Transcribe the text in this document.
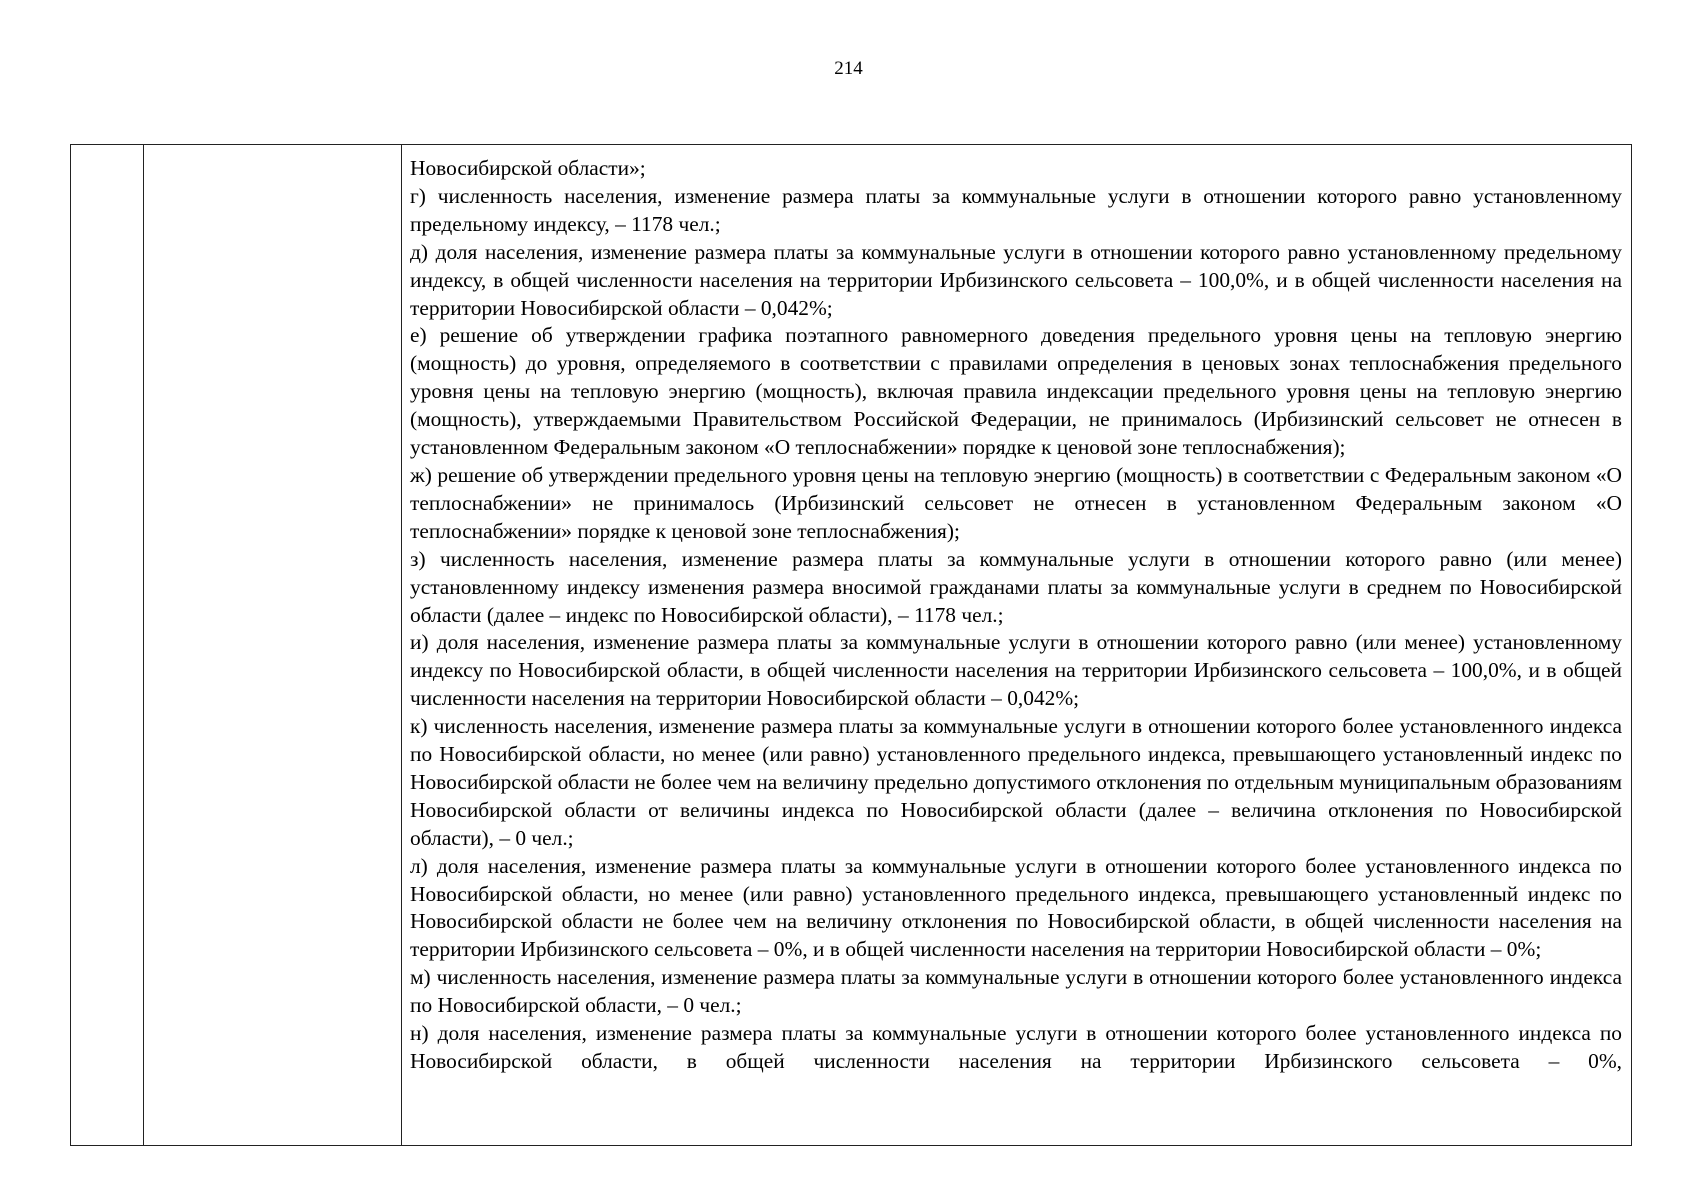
214

Новосибирской области»;

г) численность населения, изменение размера платы за коммунальные услуги в отношении которого равно установленному предельному индексу, – 1178 чел.;

д) доля населения, изменение размера платы за коммунальные услуги в отношении которого равно установленному предельному индексу, в общей численности населения на территории Ирбизинского сельсовета – 100,0%, и в общей численности населения на территории Новосибирской области – 0,042%;

е) решение об утверждении графика поэтапного равномерного доведения предельного уровня цены на тепловую энергию (мощность) до уровня, определяемого в соответствии с правилами определения в ценовых зонах теплоснабжения предельного уровня цены на тепловую энергию (мощность), включая правила индексации предельного уровня цены на тепловую энергию (мощность), утверждаемыми Правительством Российской Федерации, не принималось (Ирбизинский сельсовет не отнесен в установленном Федеральным законом «О теплоснабжении» порядке к ценовой зоне теплоснабжения);

ж) решение об утверждении предельного уровня цены на тепловую энергию (мощность) в соответствии с Федеральным законом «О теплоснабжении» не принималось (Ирбизинский сельсовет не отнесен в установленном Федеральным законом «О теплоснабжении» порядке к ценовой зоне теплоснабжения);

з) численность населения, изменение размера платы за коммунальные услуги в отношении которого равно (или менее) установленному индексу изменения размера вносимой гражданами платы за коммунальные услуги в среднем по Новосибирской области (далее – индекс по Новосибирской области), – 1178 чел.;

и) доля населения, изменение размера платы за коммунальные услуги в отношении которого равно (или менее) установленному индексу по Новосибирской области, в общей численности населения на территории Ирбизинского сельсовета – 100,0%, и в общей численности населения на территории Новосибирской области – 0,042%;

к) численность населения, изменение размера платы за коммунальные услуги в отношении которого более установленного индекса по Новосибирской области, но менее (или равно) установленного предельного индекса, превышающего установленный индекс по Новосибирской области не более чем на величину предельно допустимого отклонения по отдельным муниципальным образованиям Новосибирской области от величины индекса по Новосибирской области (далее – величина отклонения по Новосибирской области), – 0 чел.;

л) доля населения, изменение размера платы за коммунальные услуги в отношении которого более установленного индекса по Новосибирской области, но менее (или равно) установленного предельного индекса, превышающего установленный индекс по Новосибирской области не более чем на величину отклонения по Новосибирской области, в общей численности населения на территории Ирбизинского сельсовета – 0%, и в общей численности населения на территории Новосибирской области – 0%;

м) численность населения, изменение размера платы за коммунальные услуги в отношении которого более установленного индекса по Новосибирской области, – 0 чел.;

н) доля населения, изменение размера платы за коммунальные услуги в отношении которого более установленного индекса по Новосибирской области, в общей численности населения на территории Ирбизинского сельсовета – 0%,
